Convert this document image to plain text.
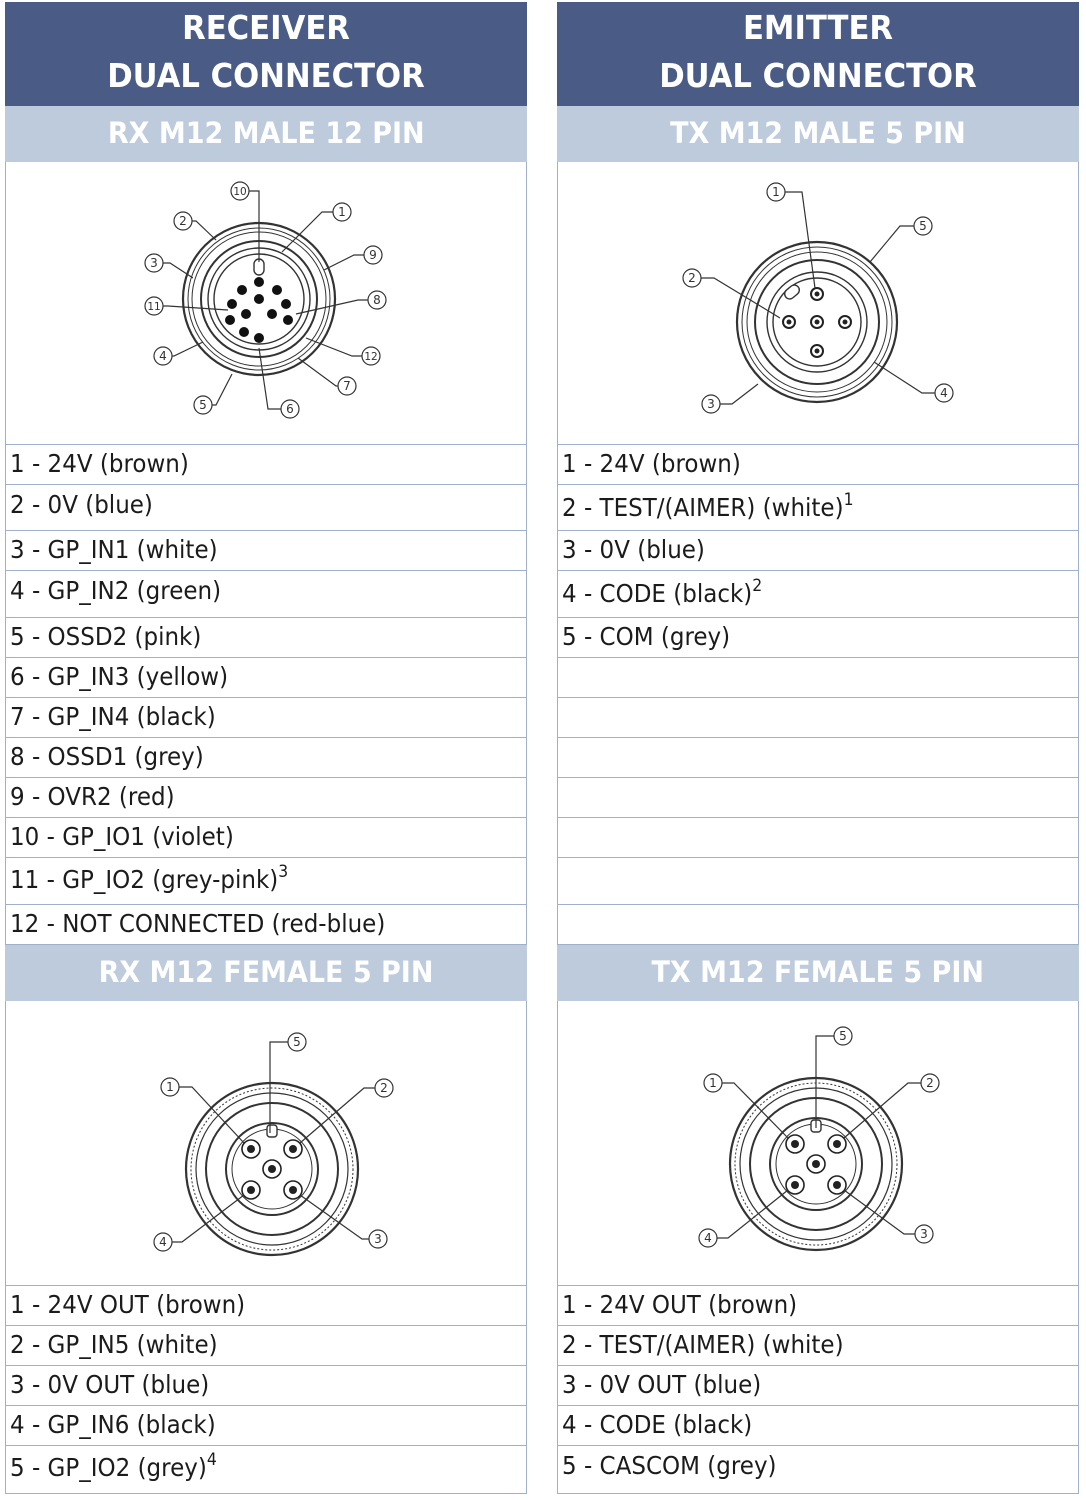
RECEIVER
DUAL CONNECTOR
RX M12 MALE 12 PIN
1
2
3
4
5	6
7
8
9
10
11
12
1 - 24V (brown)
2 - 0V (blue)
3 - GP_IN1 (white)
4 - GP_IN2 (green)
5 - OSSD2 (pink)
6 - GP_IN3 (yellow)
7 - GP_IN4 (black)
8 - OSSD1 (grey)
9 - OVR2 (red)
10 - GP_IO1 (violet)
11 - GP_IO2 (grey-pink)$^3$
12 - NOT CONNECTED (red-blue)
RX M12 FEMALE 5 PIN
1	2
3
4
5
1 - 24V OUT (brown)
2 - GP_IN5 (white)
3 - 0V OUT (blue)
4 - GP_IN6 (black)
5 - GP_IO2 (grey)$^4$
EMITTER
DUAL CONNECTOR
TX M12 MALE 5 PIN
1
2
3
4
5
1 - 24V (brown)
2 - TEST/(AIMER) (white)$^1$
3 - 0V (blue)
4 - CODE (black)$^2$
5 - COM (grey)
TX M12 FEMALE 5 PIN
1	2
3
4
5
1 - 24V OUT (brown)
2 - TEST/(AIMER) (white)
3 - 0V OUT (blue)
4 - CODE (black)
5 - CASCOM (grey)
